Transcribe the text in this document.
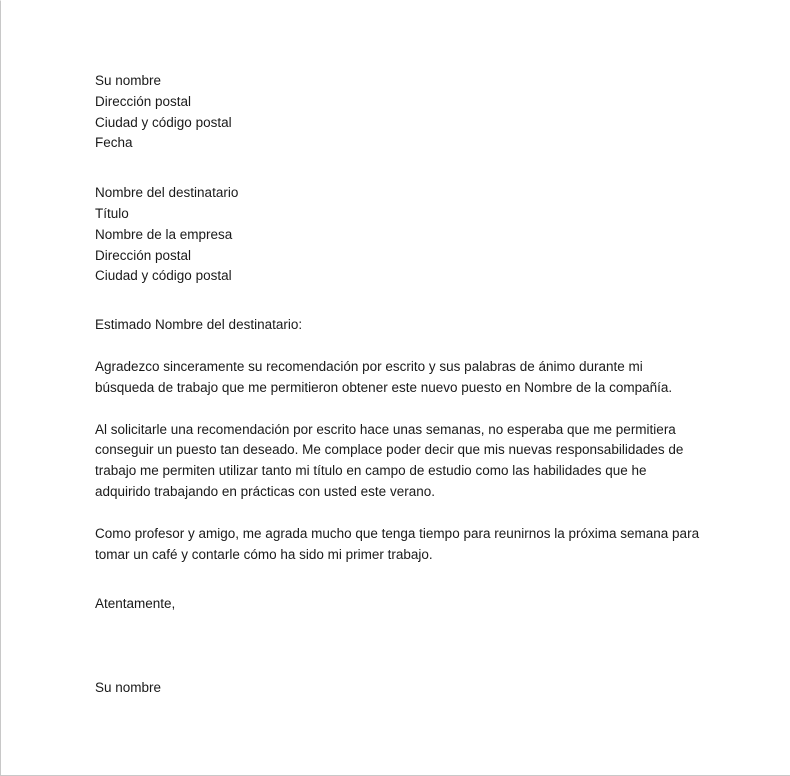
Su nombre
Dirección postal
Ciudad y código postal
Fecha
Nombre del destinatario
Título
Nombre de la empresa
Dirección postal
Ciudad y código postal
Estimado Nombre del destinatario:

Agradezco sinceramente su recomendación por escrito y sus palabras de ánimo durante mi búsqueda de trabajo que me permitieron obtener este nuevo puesto en Nombre de la compañía.

Al solicitarle una recomendación por escrito hace unas semanas, no esperaba que me permitiera conseguir un puesto tan deseado. Me complace poder decir que mis nuevas responsabilidades de trabajo me permiten utilizar tanto mi título en campo de estudio como las habilidades que he adquirido trabajando en prácticas con usted este verano.

Como profesor y amigo, me agrada mucho que tenga tiempo para reunirnos la próxima semana para tomar un café y contarle cómo ha sido mi primer trabajo.

Atentamente,
Su nombre
